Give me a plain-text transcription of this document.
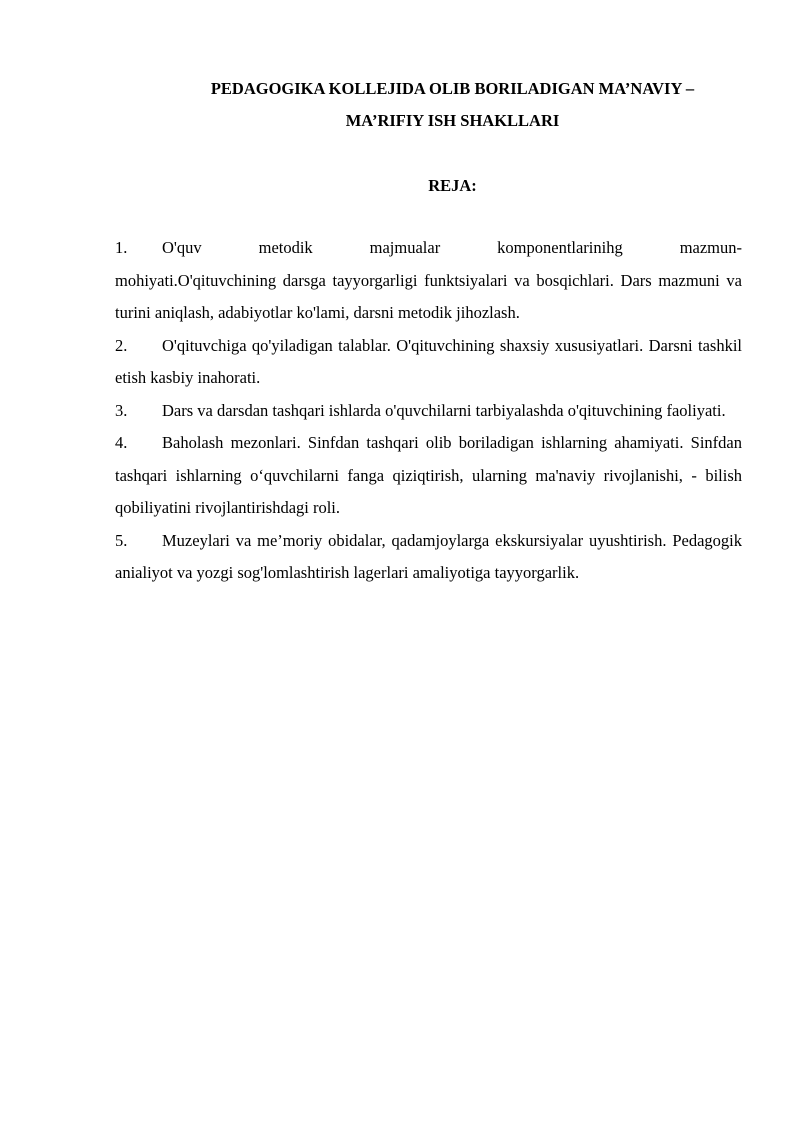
PEDAGOGIKA KOLLEJIDA OLIB BORILADIGAN MA’NAVIY –
MA’RIFIY ISH SHAKLLARI
REJA:
1. O'quv metodik majmualar komponentlarinihg mazmun-
mohiyati.O'qituvchining darsga tayyorgarligi funktsiyalari va bosqichlari. Dars mazmuni va turini aniqlash, adabiyotlar ko'lami, darsni metodik jihozlash.
2. O'qituvchiga qo'yiladigan talablar. O'qituvchining shaxsiy xususiyatlari. Darsni tashkil etish kasbiy inahorati.
3. Dars va darsdan tashqari ishlarda o'quvchilarni tarbiyalashda o'qituvchining faoliyati.
4. Baholash mezonlari. Sinfdan tashqari olib boriladigan ishlarning ahamiyati. Sinfdan tashqari ishlarning o‘quvchilarni fanga qiziqtirish, ularning ma'naviy rivojlanishi, - bilish qobiliyatini rivojlantirishdagi roli.
5. Muzeylari va me’moriy obidalar, qadamjoylarga ekskursiyalar uyushtirish. Pedagogik anialiyot va yozgi sog'lomlashtirish lagerlari amaliyotiga tayyorgarlik.
